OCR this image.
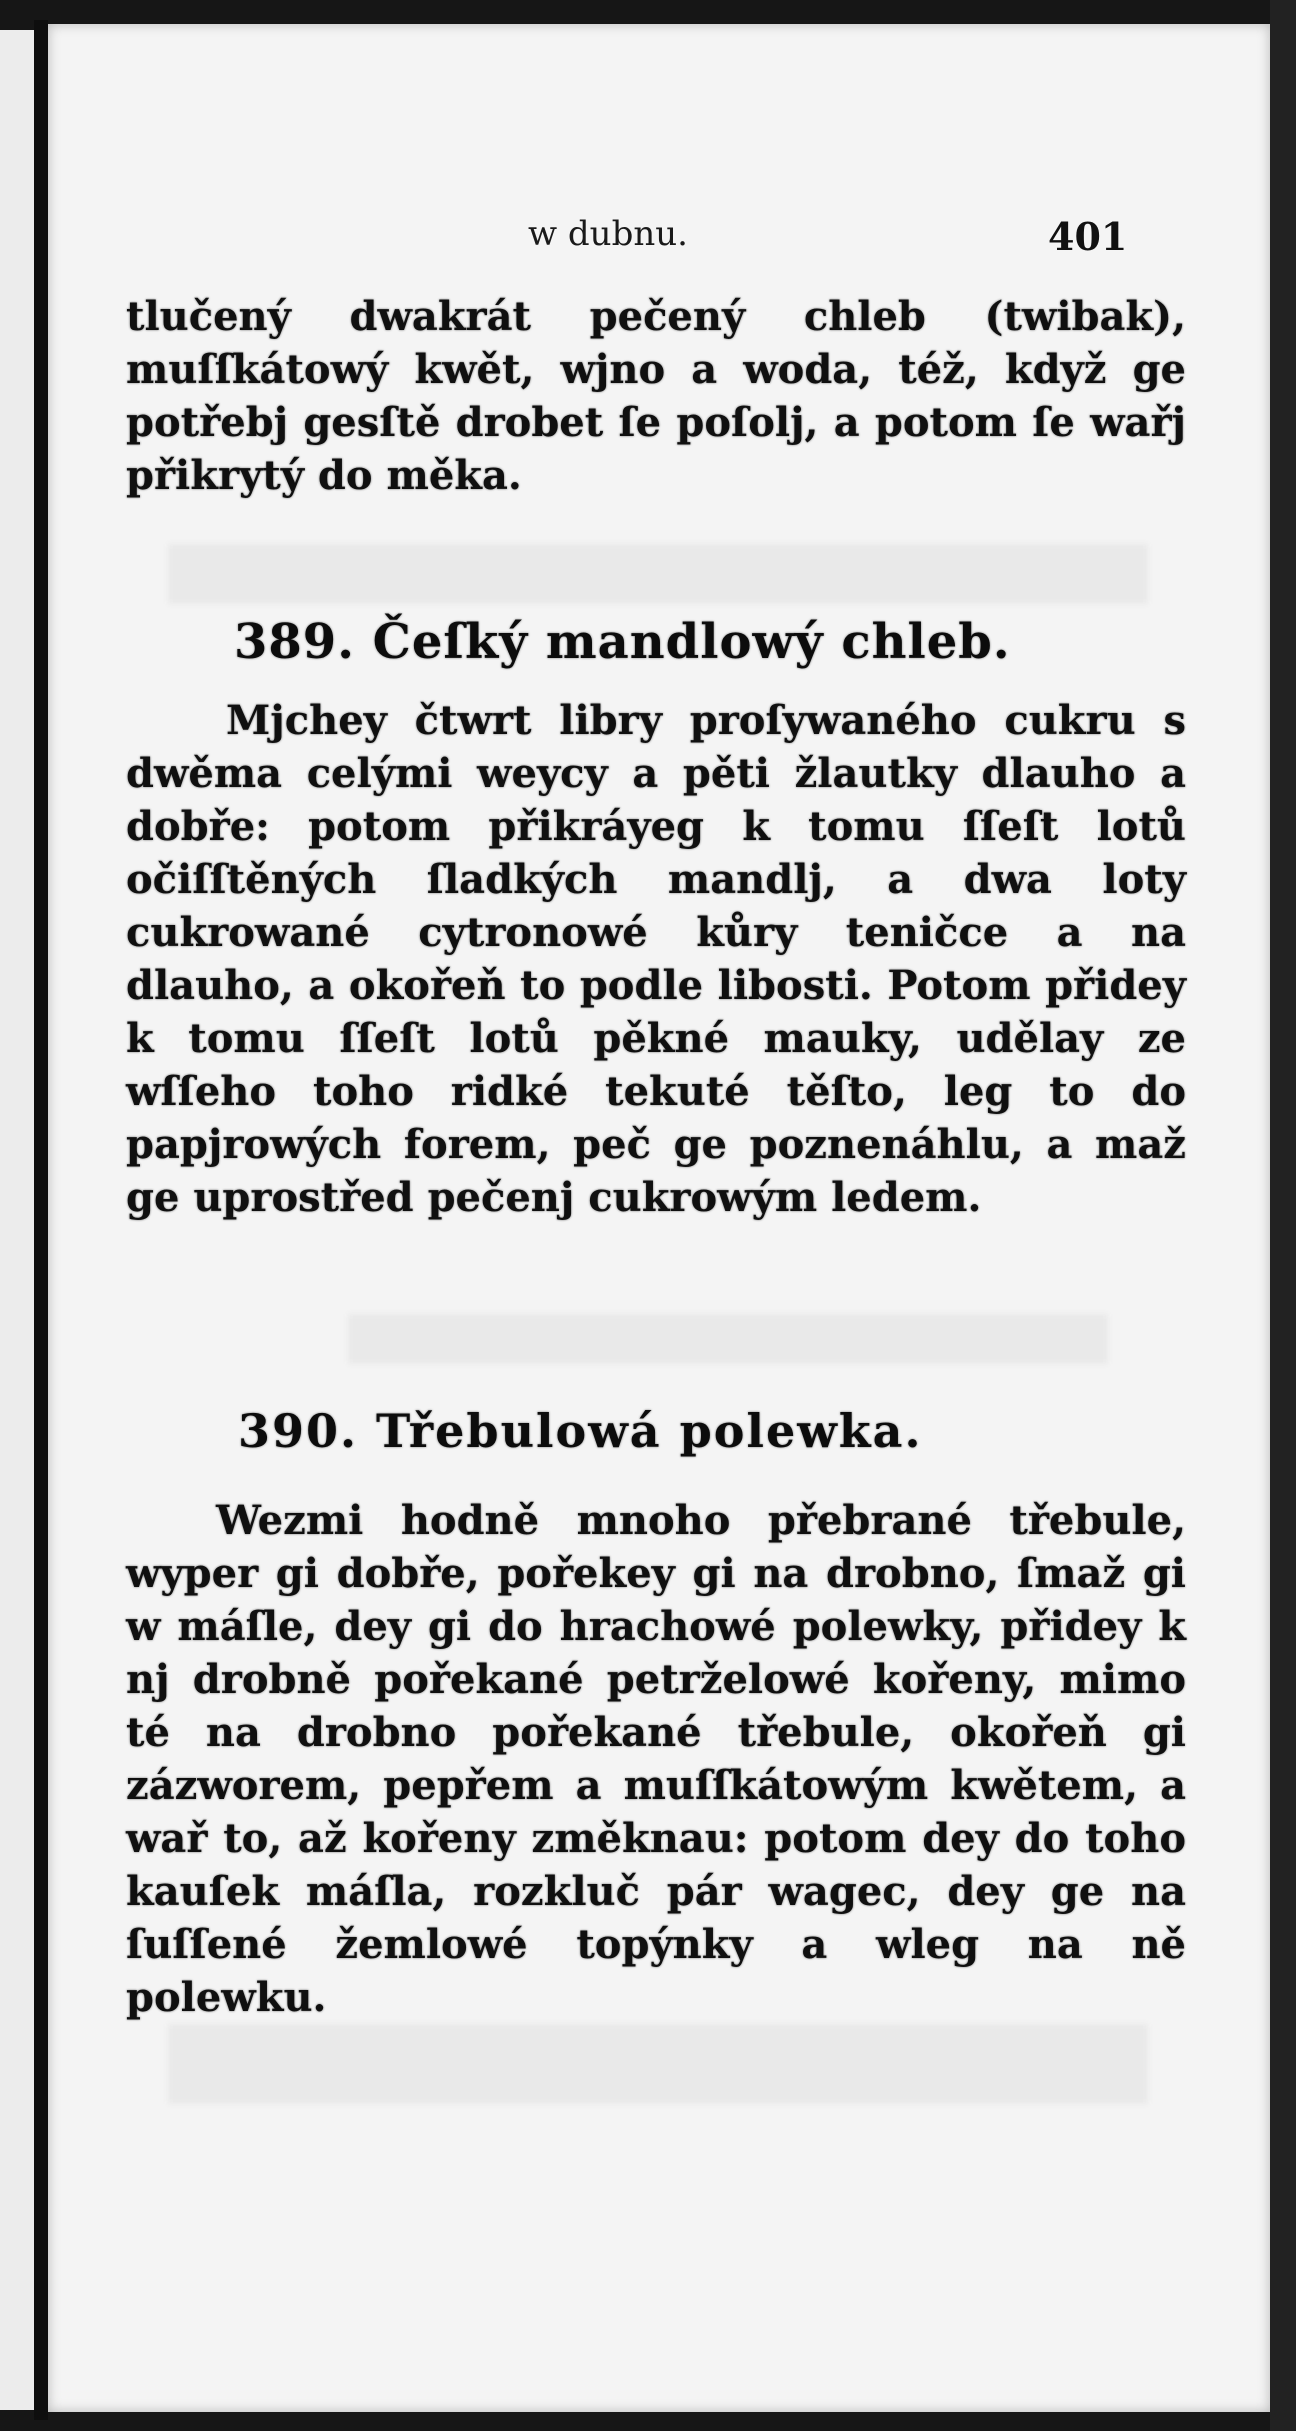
w dubnu.	401
tlučený dwakrát pečený chleb (twibak), muſſkátowý kwět, wjno a woda, též, když ge potřebj gesſtě drobet ſe poſolj, a potom ſe wařj přikrytý do měka.
389. Čeſký mandlowý chleb.
Mjchey čtwrt libry proſywaného cukru s dwěma celými weycy a pěti žlautky dlauho a dobře: potom přikráyeg k tomu ſſeſt lotů očiſſtěných ſladkých mandlj, a dwa loty cukrowané cytronowé kůry teničce a na dlauho, a okořeň to podle libosti. Potom přidey k tomu ſſeſt lotů pěkné mauky, udělay ze wſſeho toho ridké tekuté těſto, leg to do papjrowých forem, peč ge poznenáhlu, a maž ge uprostřed pečenj cukrowým ledem.
390. Třebulowá polewka.
Wezmi hodně mnoho přebrané třebule, wyper gi dobře, pořekey gi na drobno, ſmaž gi w máſle, dey gi do hrachowé polewky, přidey k nj drobně pořekané petrželowé kořeny, mimo té na drobno pořekané třebule, okořeň gi zázworem, pepřem a muſſkátowým kwětem, a wař to, až kořeny změknau: potom dey do toho kauſek máſla, rozkluč pár wagec, dey ge na ſuſſené žemlowé topýnky a wleg na ně polewku.
